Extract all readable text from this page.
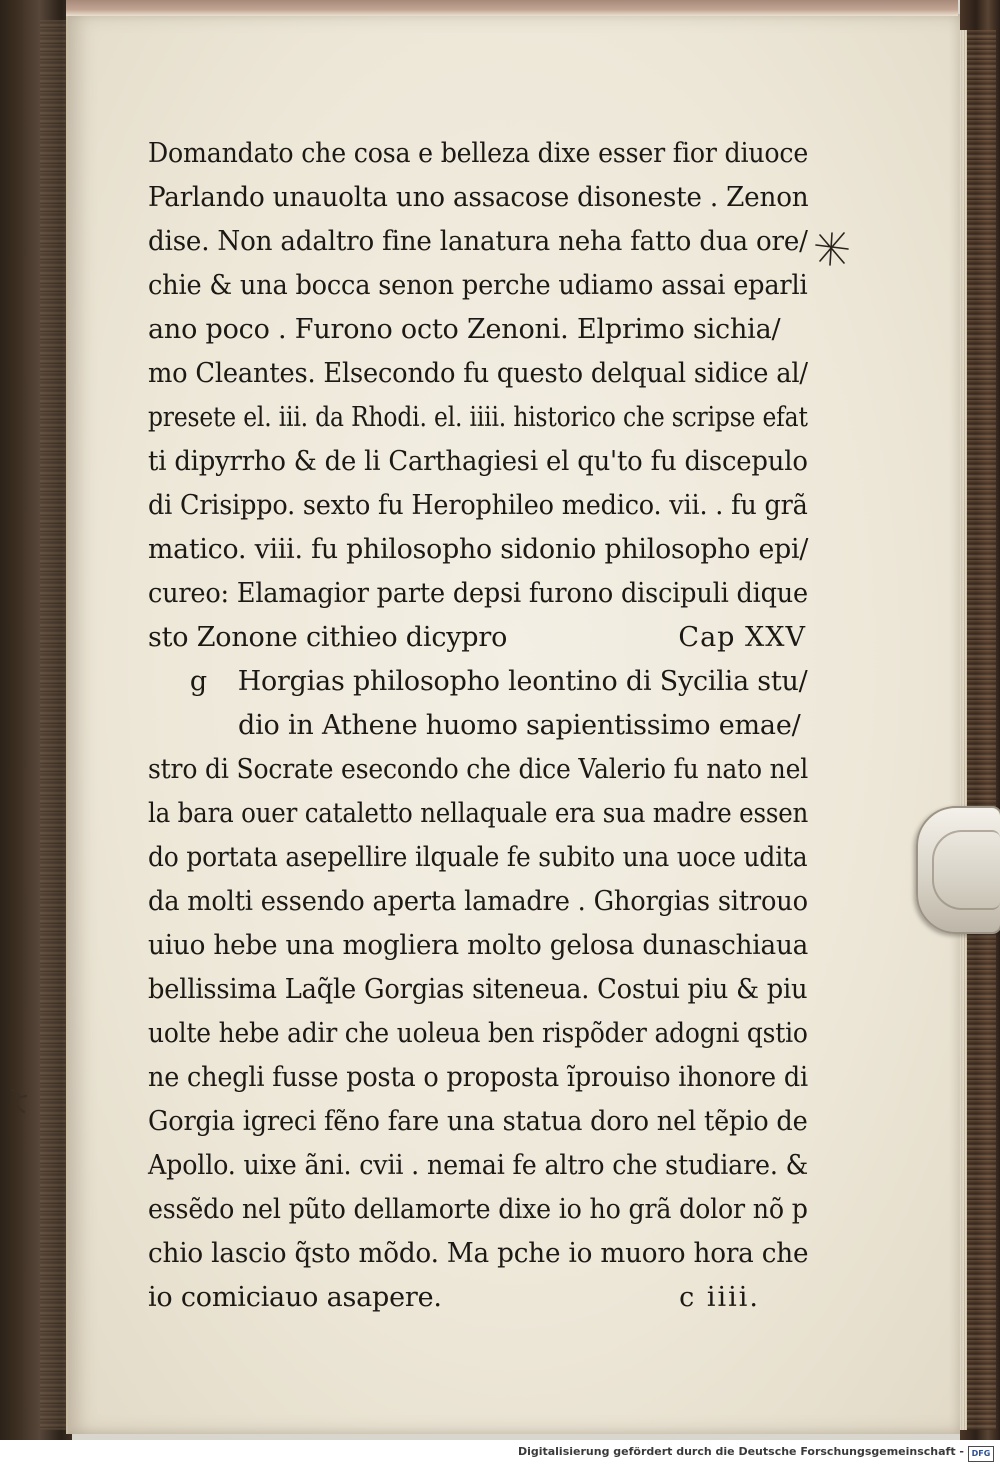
Domandato che cosa e belleza dixe esser fior diuoce
Parlando unauolta uno assacose disoneste . Zenon
dise. Non adaltro fine lanatura neha fatto dua ore/
chie & una bocca senon perche udiamo assai eparli
ano poco . Furono octo Zenoni. Elprimo sichia/
mo Cleantes. Elsecondo fu questo delqual sidice al/
presete el. iii. da Rhodi. el. iiii. historico che scripse efat
ti dipyrrho & de li Carthagiesi el qu'to fu discepulo
di Crisippo. sexto fu Herophileo medico. vii. . fu grã
matico. viii. fu philosopho sidonio philosopho epi/
cureo: Elamagior parte depsi furono discipuli dique
sto Zonone cithieo dicypro	Cap XXV
g Horgias philosopho leontino di Sycilia stu/
dio in Athene huomo sapientissimo emae/
stro di Socrate esecondo che dice Valerio fu nato nel
la bara ouer cataletto nellaquale era sua madre essen
do portata asepellire ilquale fe subito una uoce udita
da molti essendo aperta lamadre . Ghorgias sitrouo
uiuo hebe una mogliera molto gelosa dunaschiaua
bellissima Laq̃le Gorgias siteneua. Costui piu & piu
uolte hebe adir che uoleua ben rispõder adogni qstio
ne chegli fusse posta o proposta ĩprouiso ihonore di
Gorgia igreci fẽno fare una statua doro nel tẽpio de
Apollo. uixe ãni. cvii . nemai fe altro che studiare. &
essẽdo nel pũto dellamorte dixe io ho grã dolor nõ p
chio lascio q̃sto mõdo. Ma pche io muoro hora che
io comiciauo asapere.	c iiii.
Digitalisierung gefördert durch die Deutsche Forschungsgemeinschaft - DFG
